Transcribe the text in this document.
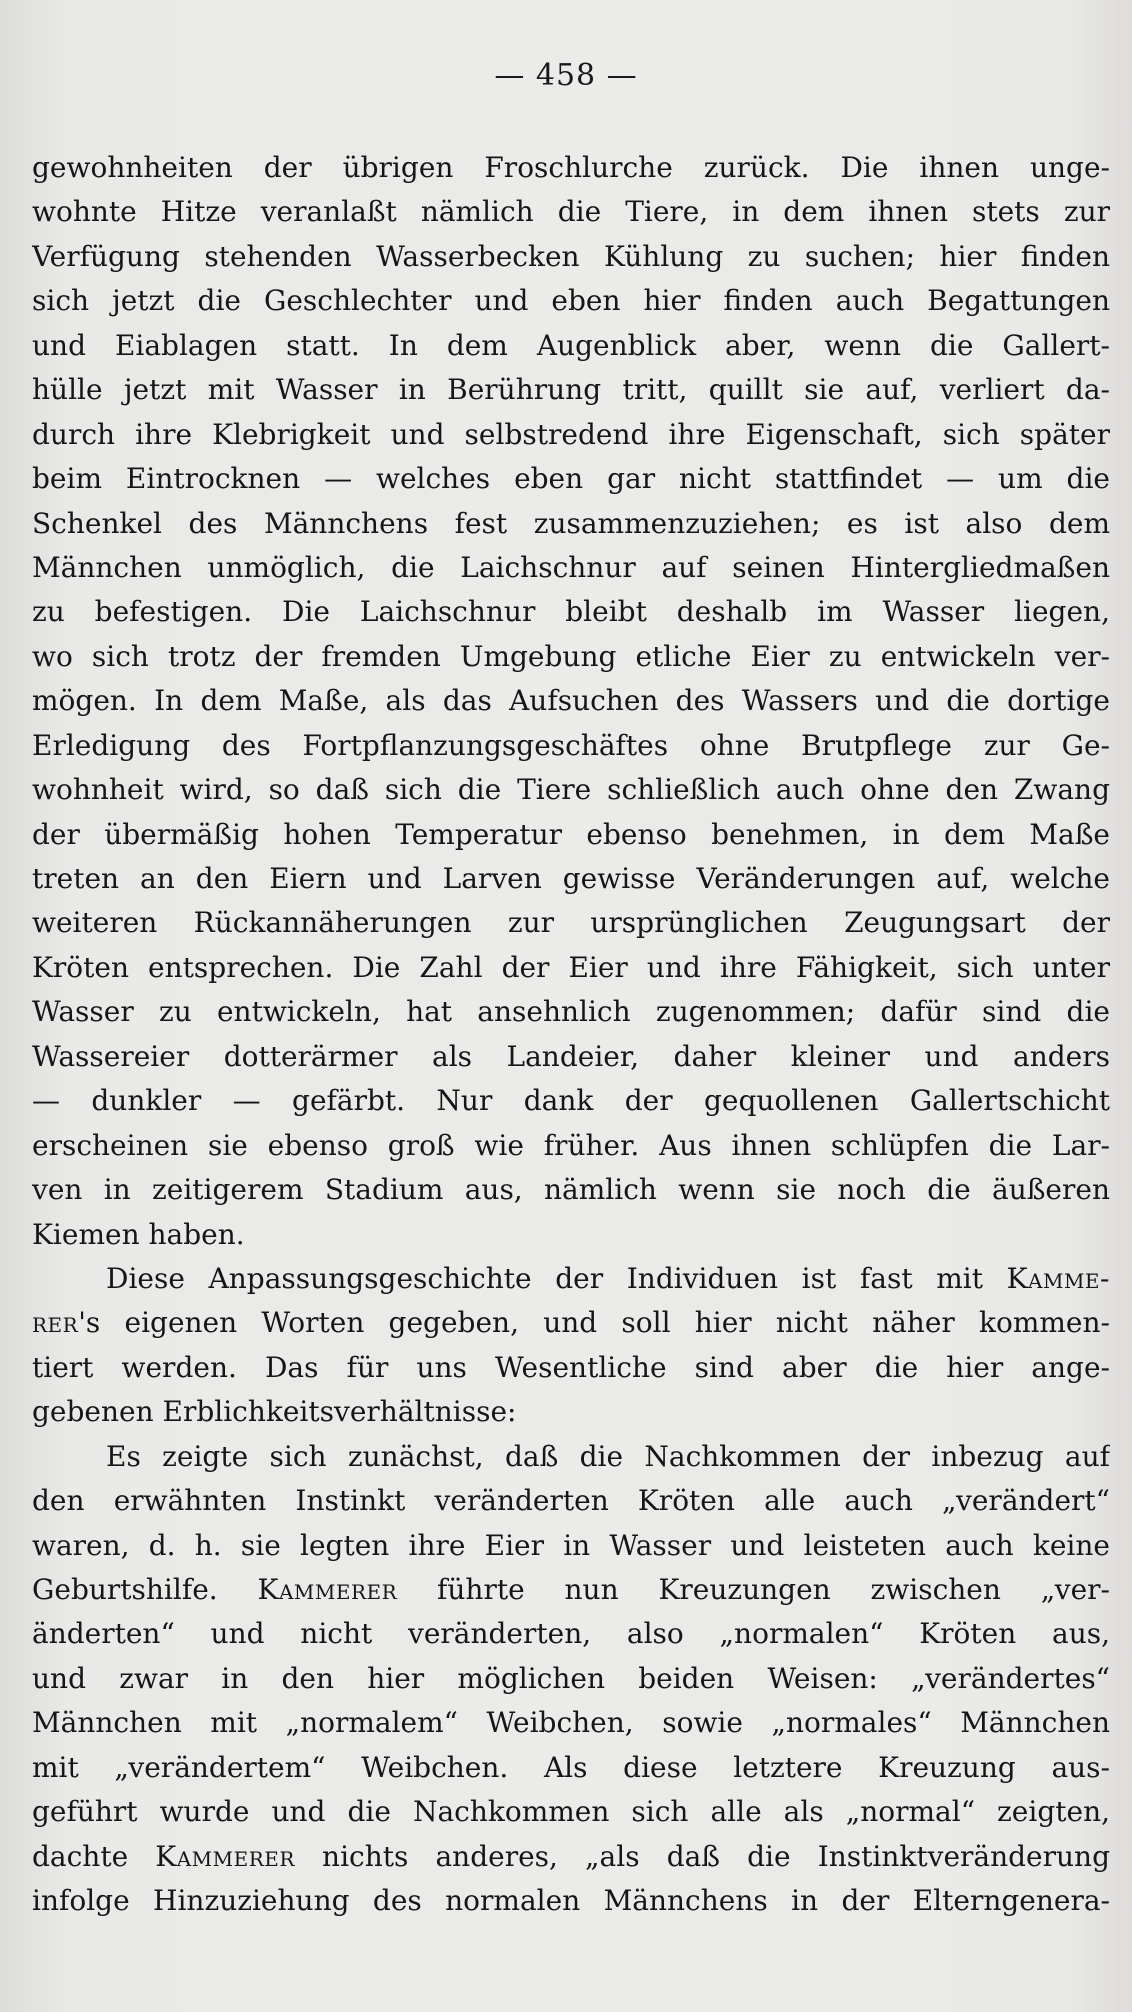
— 458 —
gewohnheiten der übrigen Froschlurche zurück. Die ihnen unge-
wohnte Hitze veranlaßt nämlich die Tiere, in dem ihnen stets zur
Verfügung stehenden Wasserbecken Kühlung zu suchen; hier finden
sich jetzt die Geschlechter und eben hier finden auch Begattungen
und Eiablagen statt. In dem Augenblick aber, wenn die Gallert-
hülle jetzt mit Wasser in Berührung tritt, quillt sie auf, verliert da-
durch ihre Klebrigkeit und selbstredend ihre Eigenschaft, sich später
beim Eintrocknen — welches eben gar nicht stattfindet — um die
Schenkel des Männchens fest zusammenzuziehen; es ist also dem
Männchen unmöglich, die Laichschnur auf seinen Hintergliedmaßen
zu befestigen. Die Laichschnur bleibt deshalb im Wasser liegen,
wo sich trotz der fremden Umgebung etliche Eier zu entwickeln ver-
mögen. In dem Maße, als das Aufsuchen des Wassers und die dortige
Erledigung des Fortpflanzungsgeschäftes ohne Brutpflege zur Ge-
wohnheit wird, so daß sich die Tiere schließlich auch ohne den Zwang
der übermäßig hohen Temperatur ebenso benehmen, in dem Maße
treten an den Eiern und Larven gewisse Veränderungen auf, welche
weiteren Rückannäherungen zur ursprünglichen Zeugungsart der
Kröten entsprechen. Die Zahl der Eier und ihre Fähigkeit, sich unter
Wasser zu entwickeln, hat ansehnlich zugenommen; dafür sind die
Wassereier dotterärmer als Landeier, daher kleiner und anders
— dunkler — gefärbt. Nur dank der gequollenen Gallertschicht
erscheinen sie ebenso groß wie früher. Aus ihnen schlüpfen die Lar-
ven in zeitigerem Stadium aus, nämlich wenn sie noch die äußeren
Kiemen haben.
Diese Anpassungsgeschichte der Individuen ist fast mit Kamme-
rer's eigenen Worten gegeben, und soll hier nicht näher kommen-
tiert werden. Das für uns Wesentliche sind aber die hier ange-
gebenen Erblichkeitsverhältnisse:
Es zeigte sich zunächst, daß die Nachkommen der inbezug auf
den erwähnten Instinkt veränderten Kröten alle auch „verändert“
waren, d. h. sie legten ihre Eier in Wasser und leisteten auch keine
Geburtshilfe. Kammerer führte nun Kreuzungen zwischen „ver-
änderten“ und nicht veränderten, also „normalen“ Kröten aus,
und zwar in den hier möglichen beiden Weisen: „verändertes“
Männchen mit „normalem“ Weibchen, sowie „normales“ Männchen
mit „verändertem“ Weibchen. Als diese letztere Kreuzung aus-
geführt wurde und die Nachkommen sich alle als „normal“ zeigten,
dachte Kammerer nichts anderes, „als daß die Instinktveränderung
infolge Hinzuziehung des normalen Männchens in der Elterngenera-
